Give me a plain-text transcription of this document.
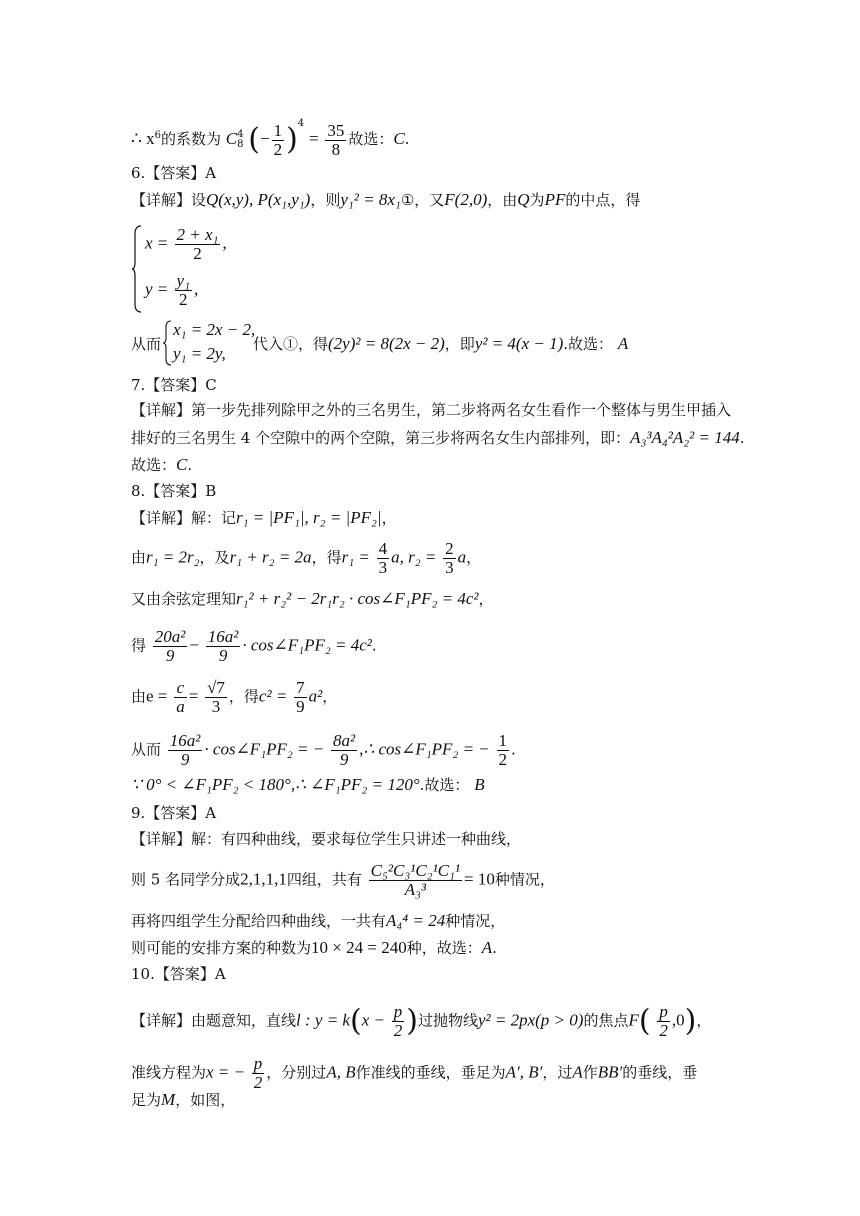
∴ $x^6$的系数为 C 4
8 (− $\frac{1}{2} )^4 = \frac{35}{8}$ 故选：C.
6.【答案】A
【详解】设Q(x,y), P(x₁,y₁)，则y₁² = 8x₁①，又F(2,0)，由Q为PF的中点，得
$x = \frac{\text{2 + x₁}}{2}$ ,
$y = \frac{\text{y₁}}{2}$ ,
从而
x₁ = 2x − 2,
y₁ = 2y, 代入①，得(2y)² = 8(2x − 2)，即y² = 4(x − 1).故选： A
7.【答案】C
【详解】第一步先排列除甲之外的三名男生，第二步将两名女生看作一个整体与男生甲插入
排好的三名男生 4 个空隙中的两个空隙，第三步将两名女生内部排列，即：A₃³A₄²A₂² = 144.
故选：C.
8.【答案】B
【详解】解：记r₁ = |PF₁|, r₂ = |PF₂|，
由r₁ = 2r₂，及r₁ + r₂ = 2a，得$r_1 = \frac{4}{3} a$, $r_2 = \frac{2}{3}$ a，
又由余弦定理知r₁² + r₂² − 2r₁r₂ · cos∠F₁PF₂ = 4c²，
得 $\frac{\text{20a²}}{9} - \frac{\text{16a²}}{9}$ · cos∠F₁PF₂ = 4c².
由$e = \frac{c}{a} = \frac{√7}{3}$ ，得$c^2 = \frac{7}{9} a^2$，
从而 $\frac{\text{16a²}}{9}$ · cos∠F₁PF₂ = − $\frac{\text{8a²}}{9}$ ,∴ cos∠F₁PF₂ = − $\frac{1}{2}$ .
∵ 0° < ∠F₁PF₂ < 180°,∴ ∠F₁PF₂ = 120°.故选： B
9.【答案】A
【详解】解：有四种曲线，要求每位学生只讲述一种曲线，
则 5 名同学分成2,1,1,1四组，共有 $\frac{\text{C₅²C₃¹C₂¹C₁¹}}{\text{A₃³}} = 10$种情况，
再将四组学生分配给四种曲线，一共有A₄⁴ = 24种情况，
则可能的安排方案的种数为10 × 24 = 240种，故选：A.
10.【答案】A
【详解】由题意知，直线l : $y = k(x - \frac{p}{2}$ )过抛物线y² = 2px(p > 0)的焦点$F( \frac{p}{2} ,0)$，
准线方程为x = − $\frac{p}{2}$ ，分别过A, B作准线的垂线，垂足为A′, B′，过A作BB′的垂线，垂
足为M，如图，
